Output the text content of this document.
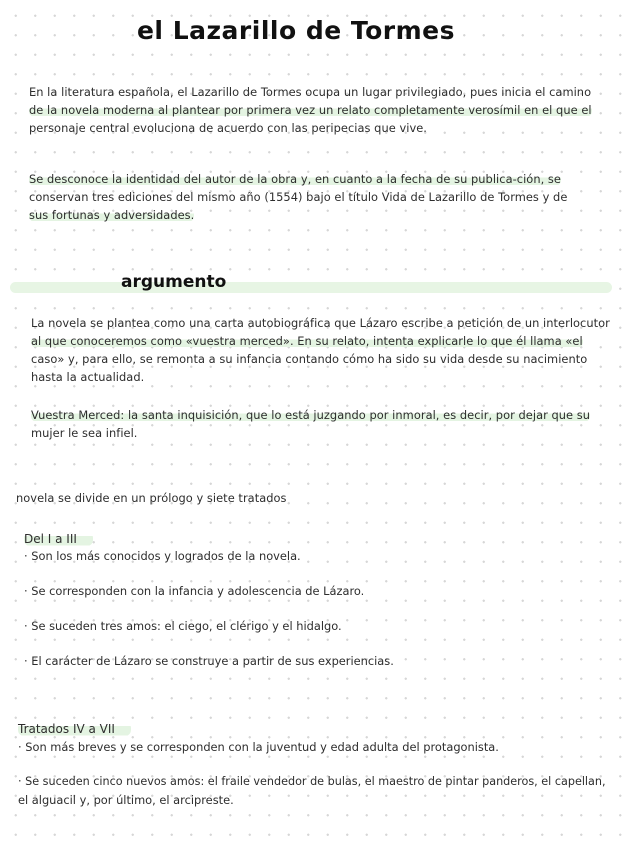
el Lazarillo de Tormes
En la literatura española, el Lazarillo de Tormes ocupa un lugar privilegiado, pues inicia el camino
de la novela moderna al plantear por primera vez un relato completamente verosímil en el que el
personaje central evoluciona de acuerdo con las peripecias que vive.
Se desconoce la identidad del autor de la obra y, en cuanto a la fecha de su publica-ción, se
conservan tres ediciones del mismo año (1554) bajo el título Vida de Lazarillo de Tormes y de
sus fortunas y adversidades.
argumento
La novela se plantea como una carta autobiográfica que Lázaro escribe a petición de un interlocutor
al que conoceremos como «vuestra merced». En su relato, intenta explicarle lo que él llama «el
caso» y, para ello, se remonta a su infancia contando cómo ha sido su vida desde su nacimiento
hasta la actualidad.
Vuestra Merced: la santa inquisición, que lo está juzgando por inmoral, es decir, por dejar que su
mujer le sea infiel.
novela se divide en un prólogo y siete tratados
Del I a III
· Son los más conocidos y logrados de la novela.
· Se corresponden con la infancia y adolescencia de Lázaro.
· Se suceden tres amos: el ciego, el clérigo y el hidalgo.
· El carácter de Lázaro se construye a partir de sus experiencias.
Tratados IV a VII
· Son más breves y se corresponden con la juventud y edad adulta del protagonista.
· Se suceden cinco nuevos amos: el fraile vendedor de bulas, el maestro de pintar panderos, el capellan,
el alguacil y, por último, el arcipreste.
